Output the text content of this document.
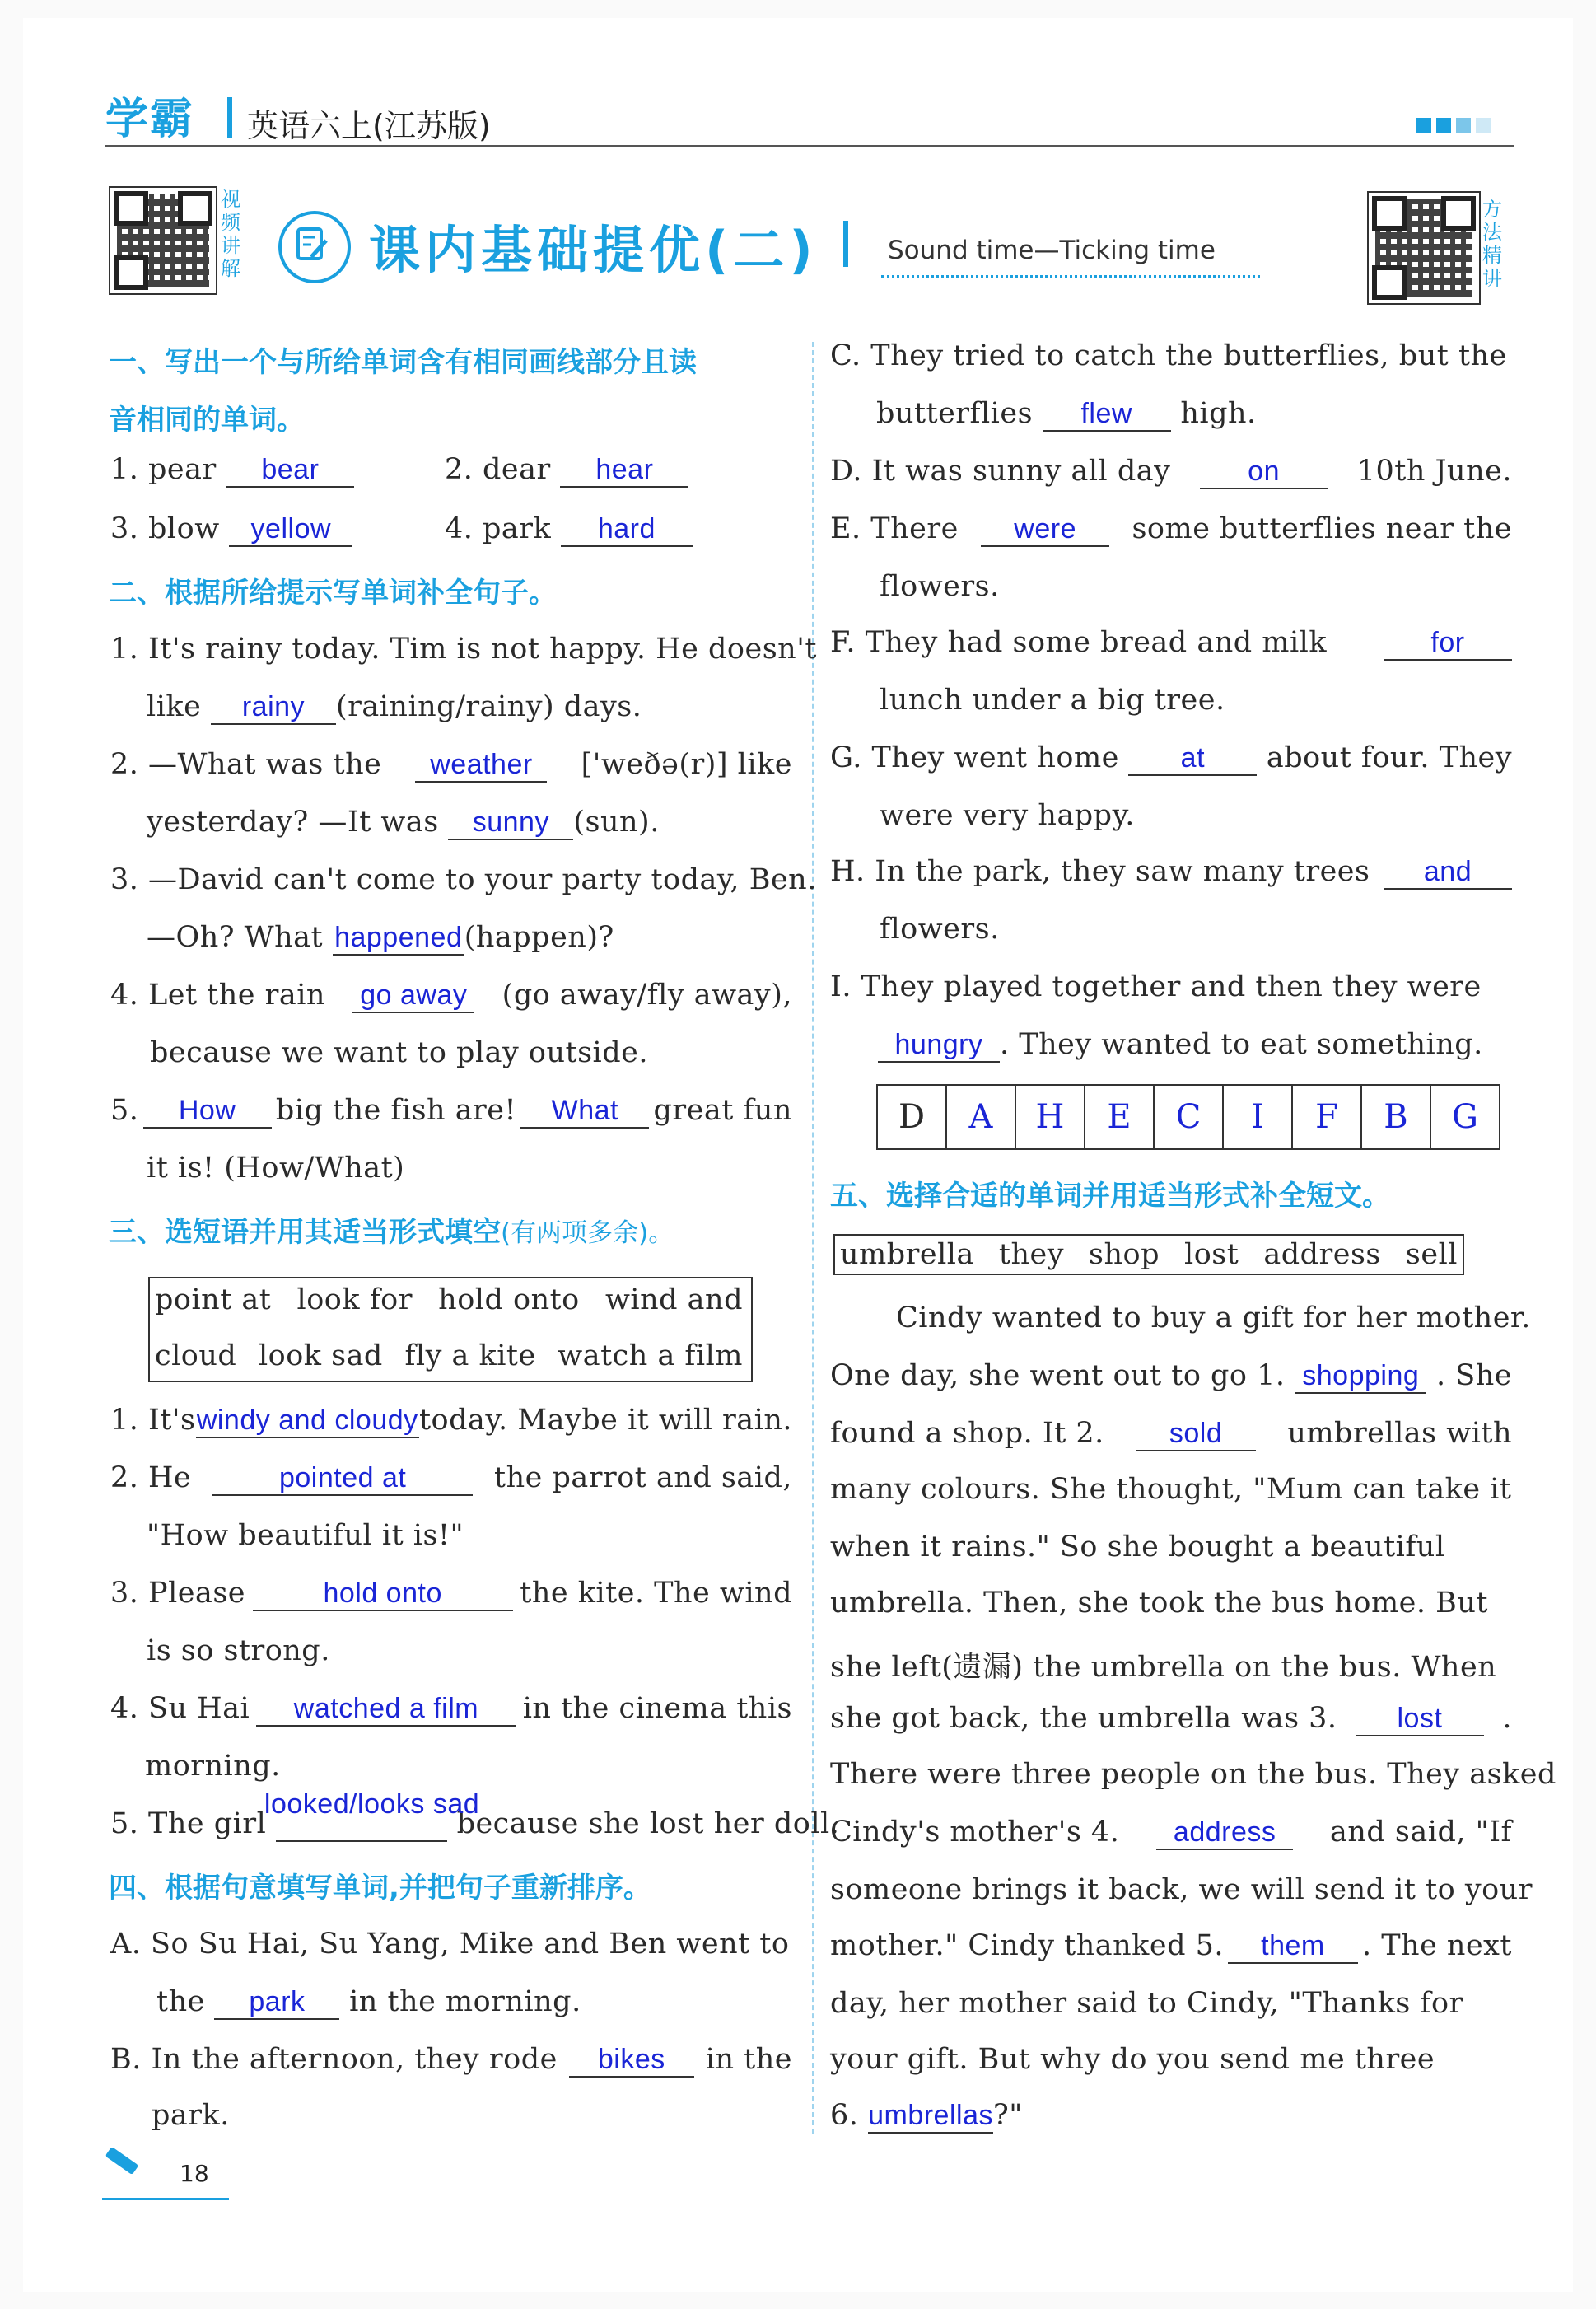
学霸 英语六上(江苏版)
视频讲解	课内基础提优(二)	Sound time—Ticking time
方法精讲
一、写出一个与所给单词含有相同画线部分且读
音相同的单词。
1. pear bear	2. dear hear
3. blow yellow	4. park hard
二、根据所给提示写单词补全句子。
1. It's rainy today. Tim is not happy. He doesn't
like rainy (raining/rainy) days.
2. —What was the	weather	['weðə(r)] like
yesterday? —It was sunny (sun).
3. —David can't come to your party today, Ben.
—Oh? What happened(happen)?
4. Let the rain go away (go away/fly away),
because we want to play outside.
5.	How	big the fish are!	What	great fun
it is! (How/What)
三、选短语并用其适当形式填空(有两项多余)。
point at look for hold onto wind and
cloud look sad fly a kite watch a film
1. It's windy and cloudy today. Maybe it will rain.
2. He	pointed at	the parrot and said,
"How beautiful it is!"
3. Please	hold onto	the kite. The wind
is so strong.
4. Su Hai	watched a film	in the cinema this
morning.
5. The girl
looked/looks sad
because she lost her doll.
四、根据句意填写单词,并把句子重新排序。
A. So Su Hai, Su Yang, Mike and Ben went to
the park in the morning.
B. In the afternoon, they rode	bikes	in the
park.
C. They tried to catch the butterflies, but the
butterflies flew high.
D. It was sunny all day	on	10th June.
E. There	were	some butterflies near the
flowers.
F. They had some bread and milk	for
lunch under a big tree.
G. They went home	at	about four. They
were very happy.
H. In the park, they saw many trees	and
flowers.
I. They played together and then they were
hungry . They wanted to eat something.
D	A	H	E	C	I	F	B	G
五、选择合适的单词并用适当形式补全短文。
umbrella they shop lost address sell
Cindy wanted to buy a gift for her mother.
One day, she went out to go 1. shopping . She
found a shop. It 2.	sold	umbrellas with
many colours. She thought, "Mum can take it
when it rains." So she bought a beautiful
umbrella. Then, she took the bus home. But
she left(遗漏) the umbrella on the bus. When
she got back, the umbrella was 3.	lost	.
There were three people on the bus. They asked
Cindy's mother's 4.	address	and said, "If
someone brings it back, we will send it to your
mother." Cindy thanked 5.	them	. The next
day, her mother said to Cindy, "Thanks for
your gift. But why do you send me three
6. umbrellas?"
18
